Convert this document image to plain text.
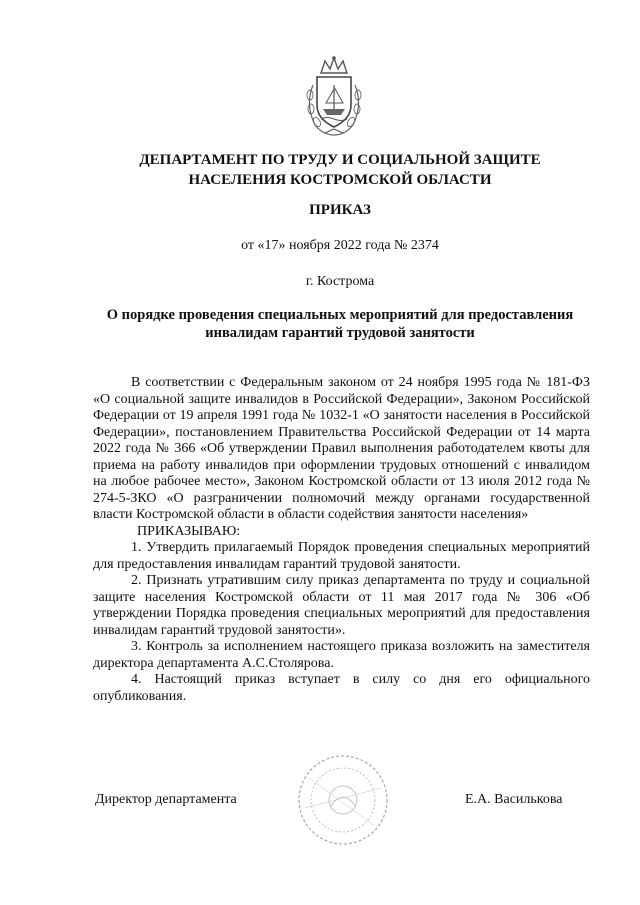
ДЕПАРТАМЕНТ ПО ТРУДУ И СОЦИАЛЬНОЙ ЗАЩИТЕ
НАСЕЛЕНИЯ КОСТРОМСКОЙ ОБЛАСТИ
ПРИКАЗ
от «17» ноября 2022 года № 2374
г. Кострома
О порядке проведения специальных мероприятий для предоставления
инвалидам гарантий трудовой занятости

В соответствии с Федеральным законом от 24 ноября 1995 года № 181-ФЗ «О социальной защите инвалидов в Российской Федерации», Законом Российской Федерации от 19 апреля 1991 года № 1032-1 «О занятости населения в Российской Федерации», постановлением Правительства Российской Федерации от 14 марта 2022 года № 366 «Об утверждении Правил выполнения работодателем квоты для приема на работу инвалидов при оформлении трудовых отношений с инвалидом на любое рабочее место», Законом Костромской области от 13 июля 2012 года № 274-5-ЗКО «О разграничении полномочий между органами государственной власти Костромской области в области содействия занятости населения»

ПРИКАЗЫВАЮ:

1. Утвердить прилагаемый Порядок проведения специальных мероприятий для предоставления инвалидам гарантий трудовой занятости.

2. Признать утратившим силу приказ департамента по труду и социальной защите населения Костромской области от 11 мая 2017 года № 306 «Об утверждении Порядка проведения специальных мероприятий для предоставления инвалидам гарантий трудовой занятости».

3. Контроль за исполнением настоящего приказа возложить на заместителя директора департамента А.С.Столярова.

4. Настоящий приказ вступает в силу со дня его официального опубликования.

Директор департамента	Е.А. Василькова
